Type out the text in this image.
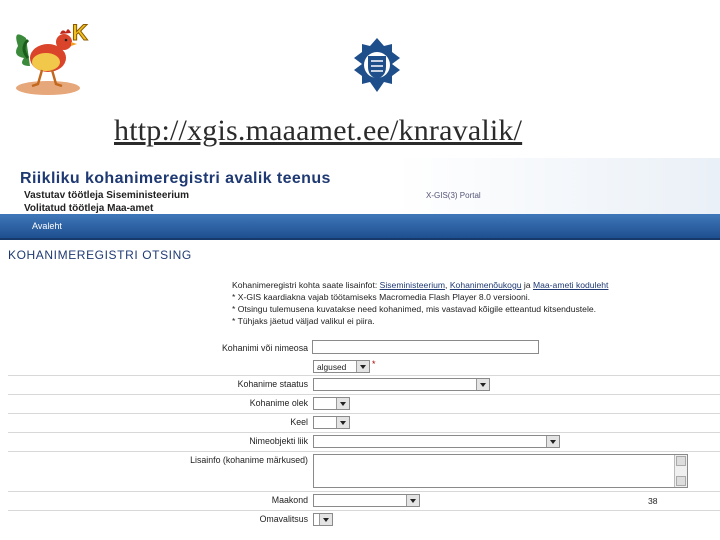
K
http://xgis.maaamet.ee/knravalik/
Riikliku kohanimeregistri avalik teenus
Vastutav töötleja Siseministeerium
Volitatud töötleja Maa-amet
X-GIS(3) Portal
Avaleht
KOHANIMEREGISTRI OTSING
Kohanimeregistri kohta saate lisainfot: Siseministeerium, Kohanimenõukogu ja Maa-ameti koduleht
* X-GIS kaardiakna vajab töötamiseks Macromedia Flash Player 8.0 versiooni.
* Otsingu tulemusena kuvatakse need kohanimed, mis vastavad kõigile etteantud kitsendustele.
* Tühjaks jäetud väljad valikul ei piira.
Kohanimi või nimeosa
algused	*
Kohanime staatus
Kohanime olek
Keel
Nimeobjekti liik
Lisainfo (kohanime märkused)
Maakond
Omavalitsus
38
